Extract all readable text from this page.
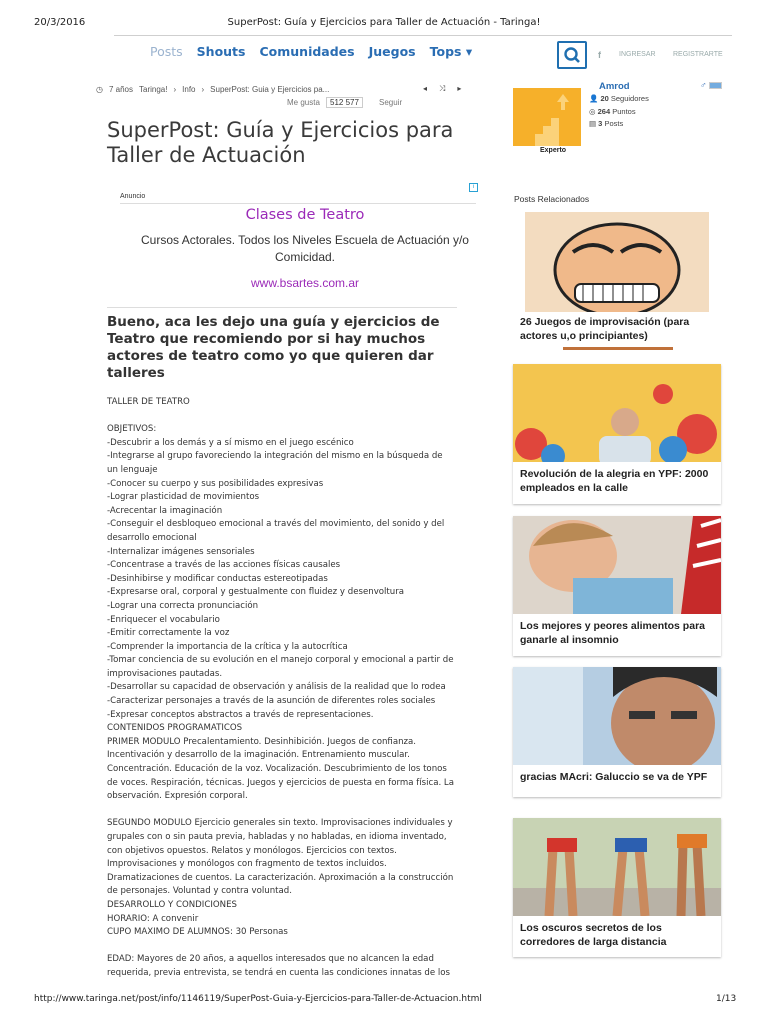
20/3/2016	SuperPost: Guía y Ejercicios para Taller de Actuación - Taringa!
Posts Shouts Comunidades Juegos Tops ▾	f	INGRESAR REGISTRARTE
◷ 7 años Taringa! › Info › SuperPost: Guia y Ejercicios pa...	◂ ⤨ ▸
Me gusta	512 577	Seguir
SuperPost: Guía y Ejercicios para Taller de Actuación
Anuncio
i
Clases de Teatro
Cursos Actorales. Todos los Niveles Escuela de Actuación y/o Comicidad.
www.bsartes.com.ar
Bueno, aca les dejo una guía y ejercicios de Teatro que recomiendo por si hay muchos actores de teatro como yo que quieren dar talleres
TALLER DE TEATRO

OBJETIVOS:
-Descubrir a los demás y a sí mismo en el juego escénico
-Integrarse al grupo favoreciendo la integración del mismo en la búsqueda de un lenguaje
-Conocer su cuerpo y sus posibilidades expresivas
-Lograr plasticidad de movimientos
-Acrecentar la imaginación
-Conseguir el desbloqueo emocional a través del movimiento, del sonido y del desarrollo emocional
-Internalizar imágenes sensoriales
-Concentrase a través de las acciones físicas causales
-Desinhibirse y modificar conductas estereotipadas
-Expresarse oral, corporal y gestualmente con fluidez y desenvoltura
-Lograr una correcta pronunciación
-Enriquecer el vocabulario
-Emitir correctamente la voz
-Comprender la importancia de la crítica y la autocrítica
-Tomar conciencia de su evolución en el manejo corporal y emocional a partir de improvisaciones pautadas.
-Desarrollar su capacidad de observación y análisis de la realidad que lo rodea
-Caracterizar personajes a través de la asunción de diferentes roles sociales
-Expresar conceptos abstractos a través de representaciones.
CONTENIDOS PROGRAMATICOS
PRIMER MODULO Precalentamiento. Desinhibición. Juegos de confianza. Incentivación y desarrollo de la imaginación. Entrenamiento muscular. Concentración. Educación de la voz. Vocalización. Descubrimiento de los tonos de voces. Respiración, técnicas. Juegos y ejercicios de puesta en forma física. La observación. Expresión corporal.

SEGUNDO MODULO Ejercicio generales sin texto. Improvisaciones individuales y grupales con o sin pauta previa, habladas y no habladas, en idioma inventado, con objetivos opuestos. Relatos y monólogos. Ejercicios con textos. Improvisaciones y monólogos con fragmento de textos incluidos. Dramatizaciones de cuentos. La caracterización. Aproximación a la construcción de personajes. Voluntad y contra voluntad.
DESARROLLO Y CONDICIONES
HORARIO: A convenir
CUPO MAXIMO DE ALUMNOS: 30 Personas

EDAD: Mayores de 20 años, a aquellos interesados que no alcancen la edad requerida, previa entrevista, se tendrá en cuenta las condiciones innatas de los
Experto
Amrod	♂
👤 20 Seguidores
◎ 264 Puntos
▤ 3 Posts
Posts Relacionados
26 Juegos de improvisación (para actores u,o principiantes)
Revolución de la alegria en YPF: 2000 empleados en la calle
Los mejores y peores alimentos para ganarle al insomnio
gracias MAcri: Galuccio se va de YPF
Los oscuros secretos de los corredores de larga distancia
http://www.taringa.net/post/info/1146119/SuperPost-Guia-y-Ejercicios-para-Taller-de-Actuacion.html	1/13
